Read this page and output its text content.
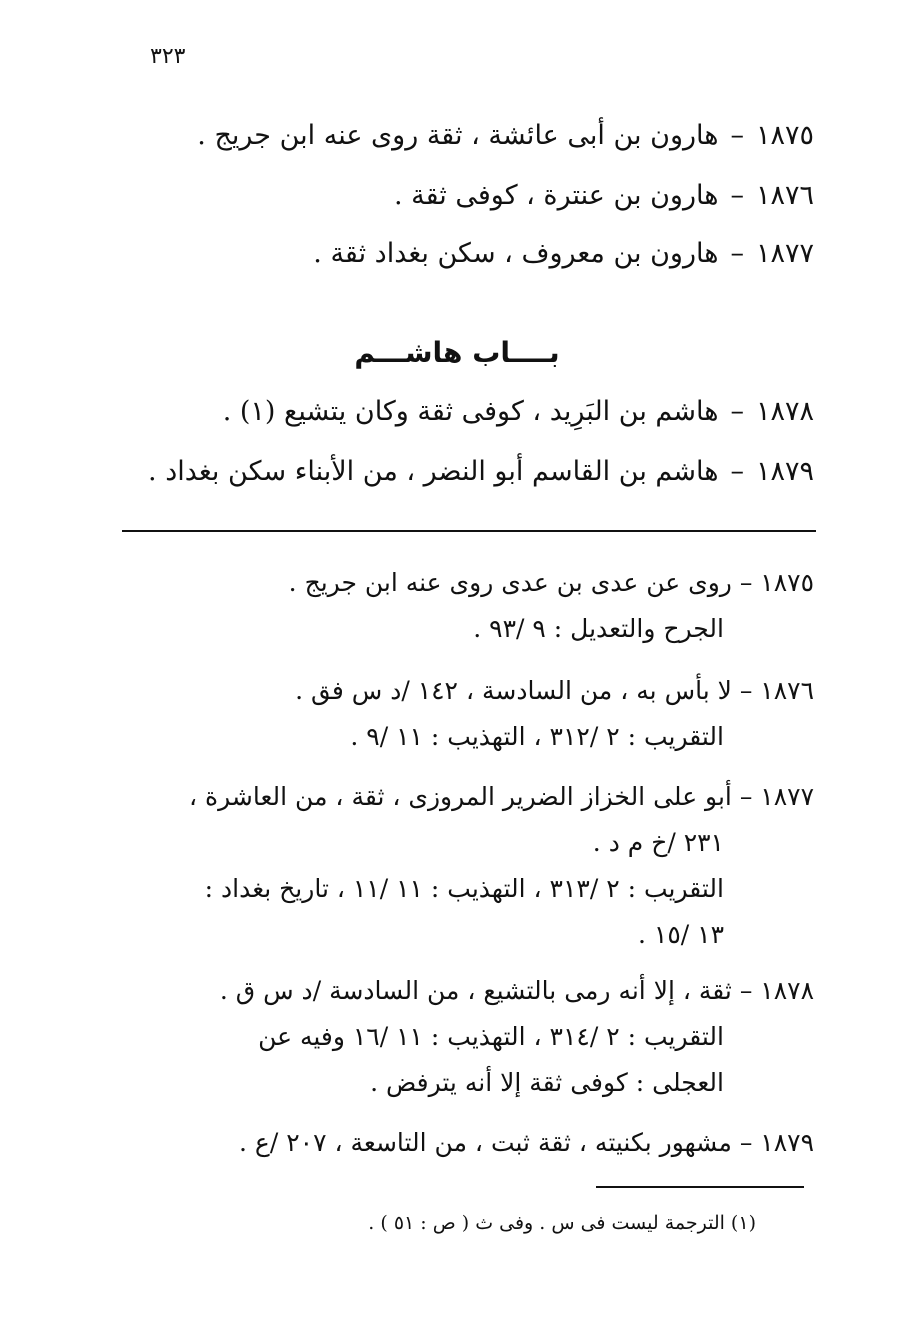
٣٢٣
١٨٧٥–هارون بن أبى عائشة ، ثقة روى عنه ابن جريج .
١٨٧٦–هارون بن عنترة ، كوفى ثقة .
١٨٧٧–هارون بن معروف ، سكن بغداد ثقة .
بــــاب هاشـــم
١٨٧٨–هاشم بن البَرِيد ، كوفى ثقة وكان يتشيع (١) .
١٨٧٩–هاشم بن القاسم أبو النضر ، من الأبناء سكن بغداد .
١٨٧٥ – روى عن عدى بن عدى روى عنه ابن جريج .
الجرح والتعديل : ٩ /٩٣ .
١٨٧٦ – لا بأس به ، من السادسة ، ١٤٢ /د س فق .
التقريب : ٢ /٣١٢ ، التهذيب : ١١ /٩ .
١٨٧٧ – أبو على الخزاز الضرير المروزى ، ثقة ، من العاشرة ،
٢٣١ /خ م د .
التقريب : ٢ /٣١٣ ، التهذيب : ١١ /١١ ، تاريخ بغداد :
١٣ /١٥ .
١٨٧٨ – ثقة ، إلا أنه رمى بالتشيع ، من السادسة /د س ق .
التقريب : ٢ /٣١٤ ، التهذيب : ١١ /١٦ وفيه عن
العجلى : كوفى ثقة إلا أنه يترفض .
١٨٧٩ – مشهور بكنيته ، ثقة ثبت ، من التاسعة ، ٢٠٧ /ع .
(١) الترجمة ليست فى س . وفى ث ( ص : ٥١ ) .
